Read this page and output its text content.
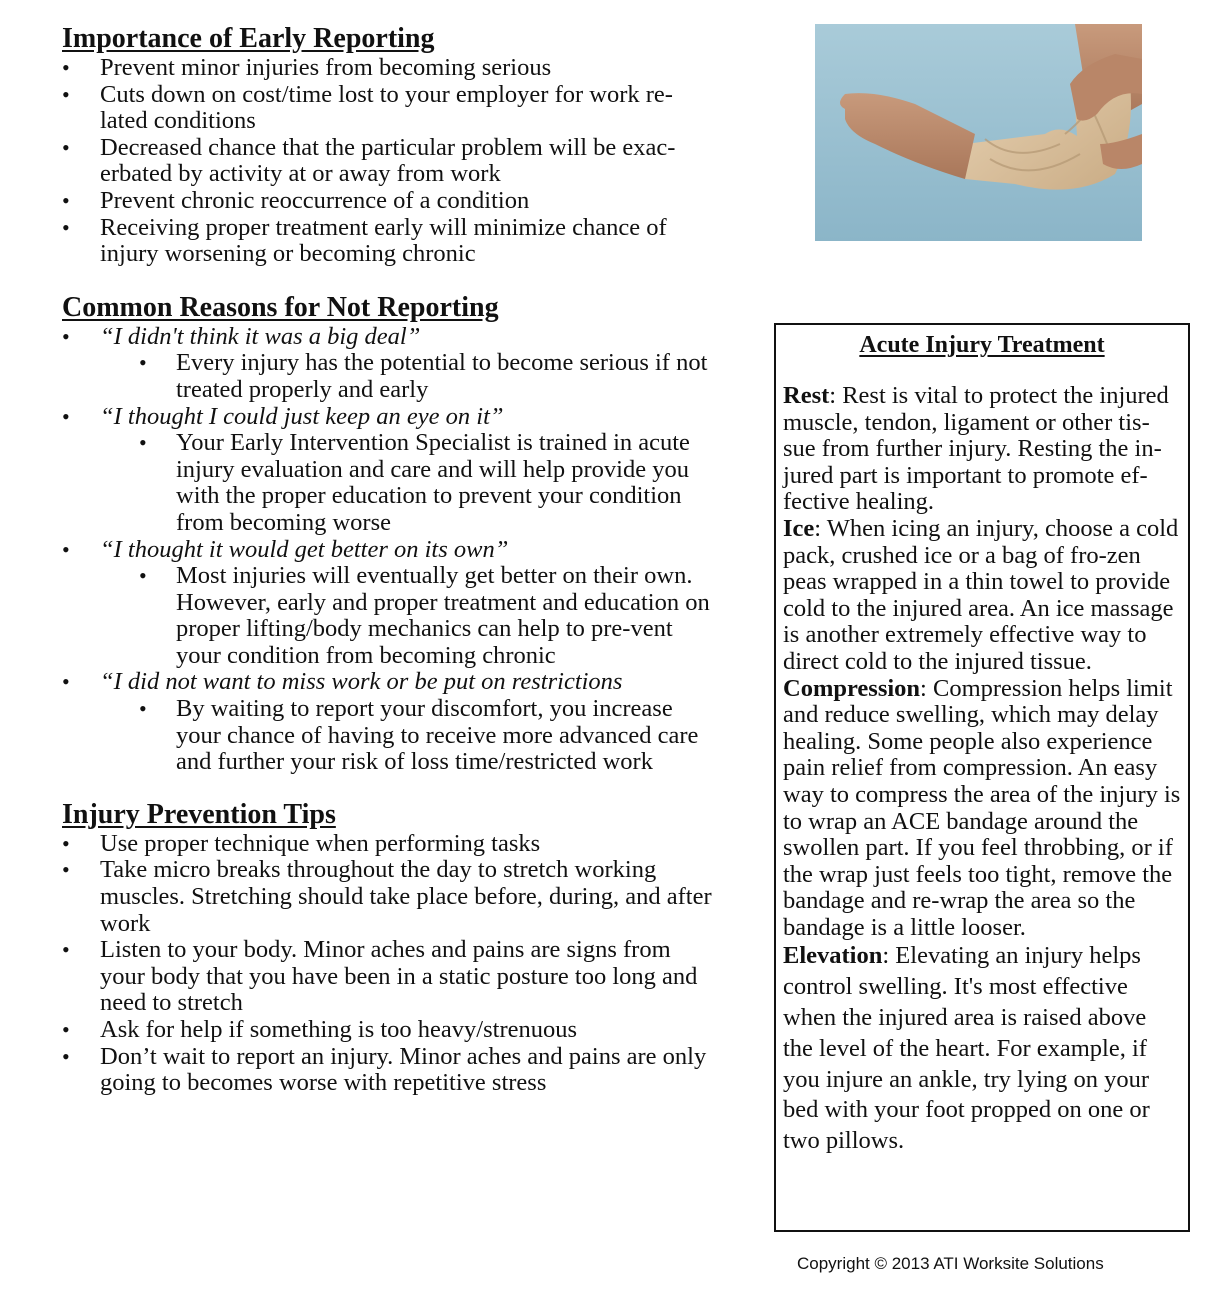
Importance of Early Reporting
• Prevent minor injuries from becoming serious
• Cuts down on cost/time lost to your employer for work re-lated conditions
• Decreased chance that the particular problem will be exac-erbated by activity at or away from work
• Prevent chronic reoccurrence of a condition
• Receiving proper treatment early will minimize chance of injury worsening or becoming chronic
Common Reasons for Not Reporting
• “I didn't think it was a big deal”
• Every injury has the potential to become serious if not treated properly and early
• “I thought I could just keep an eye on it”
• Your Early Intervention Specialist is trained in acute injury evaluation and care and will help provide you with the proper education to prevent your condition from becoming worse
• “I thought it would get better on its own”
• Most injuries will eventually get better on their own. However, early and proper treatment and education on proper lifting/body mechanics can help to pre-vent your condition from becoming chronic
• “I did not want to miss work or be put on restrictions
• By waiting to report your discomfort, you increase your chance of having to receive more advanced care and further your risk of loss time/restricted work
Injury Prevention Tips
• Use proper technique when performing tasks
• Take micro breaks throughout the day to stretch working muscles. Stretching should take place before, during, and after work
• Listen to your body. Minor aches and pains are signs from your body that you have been in a static posture too long and need to stretch
• Ask for help if something is too heavy/strenuous
• Don’t wait to report an injury. Minor aches and pains are only going to becomes worse with repetitive stress
Acute Injury Treatment
Rest: Rest is vital to protect the injured muscle, tendon, ligament or other tis-sue from further injury. Resting the in-jured part is important to promote ef-fective healing.
Ice: When icing an injury, choose a cold pack, crushed ice or a bag of fro-zen peas wrapped in a thin towel to provide cold to the injured area. An ice massage is another extremely effective way to direct cold to the injured tissue.
Compression: Compression helps limit and reduce swelling, which may delay healing. Some people also experience pain relief from compression. An easy way to compress the area of the injury is to wrap an ACE bandage around the swollen part. If you feel throbbing, or if the wrap just feels too tight, remove the bandage and re-wrap the area so the bandage is a little looser.
Elevation: Elevating an injury helps control swelling. It's most effective when the injured area is raised above the level of the heart. For example, if you injure an ankle, try lying on your bed with your foot propped on one or two pillows.
Copyright © 2013 ATI Worksite Solutions
